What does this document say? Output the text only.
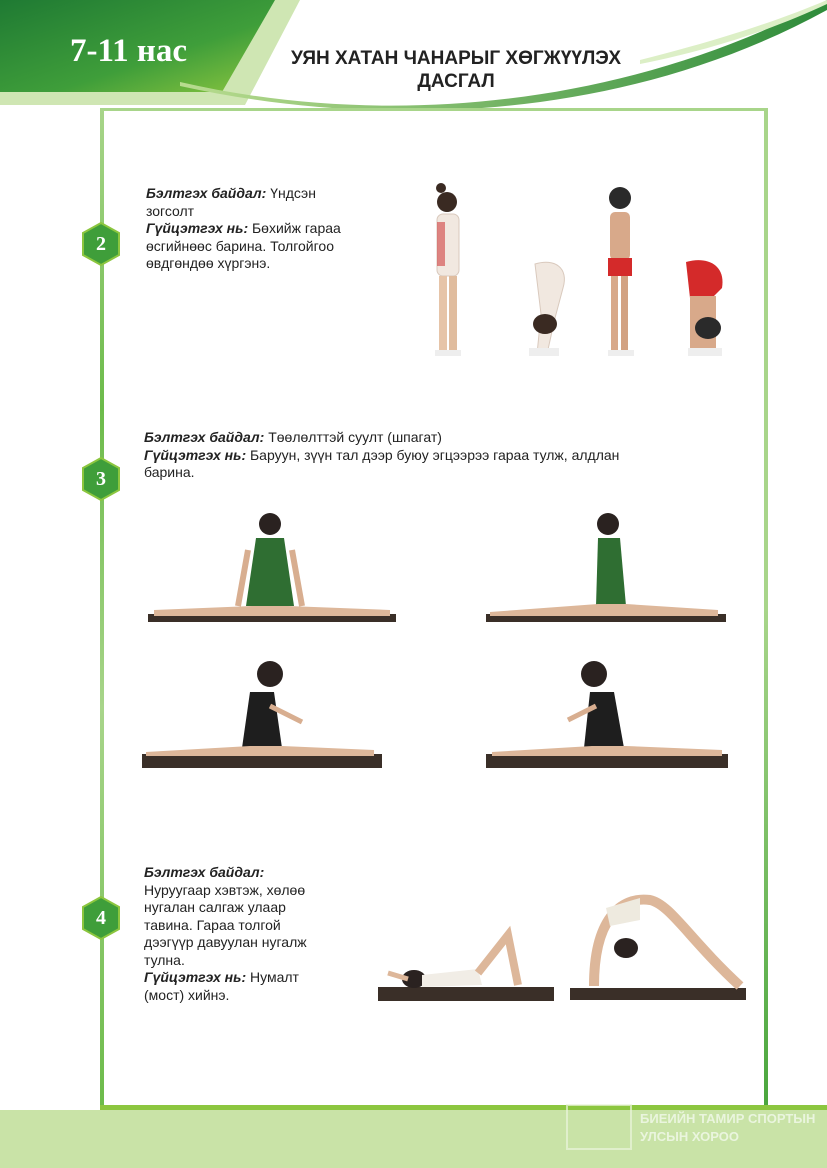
7-11 нас	УЯН ХАТАН ЧАНАРЫГ ХӨГЖҮҮЛЭХ
ДАСГАЛ
БИЕИЙН ТАМИР СПОРТЫН
УЛСЫН ХОРОО
2
3
4
Бэлтгэх байдал: Үндсэн
зогсолт
Гүйцэтгэх нь: Бөхийж гараа
өсгийнөөс барина. Толгойгоо
өвдгөндөө хүргэнэ.
Бэлтгэх байдал: Төөлөлттэй суулт (шпагат)
Гүйцэтгэх нь: Баруун, зүүн тал дээр буюу эгцээрээ гараа тулж, алдлан
барина.
Бэлтгэх байдал:
Нуруугаар хэвтэж, хөлөө
нугалан салгаж улаар
тавина. Гараа толгой
дээгүүр давуулан нугалж
тулна.
Гүйцэтгэх нь: Нумалт
(мост) хийнэ.
